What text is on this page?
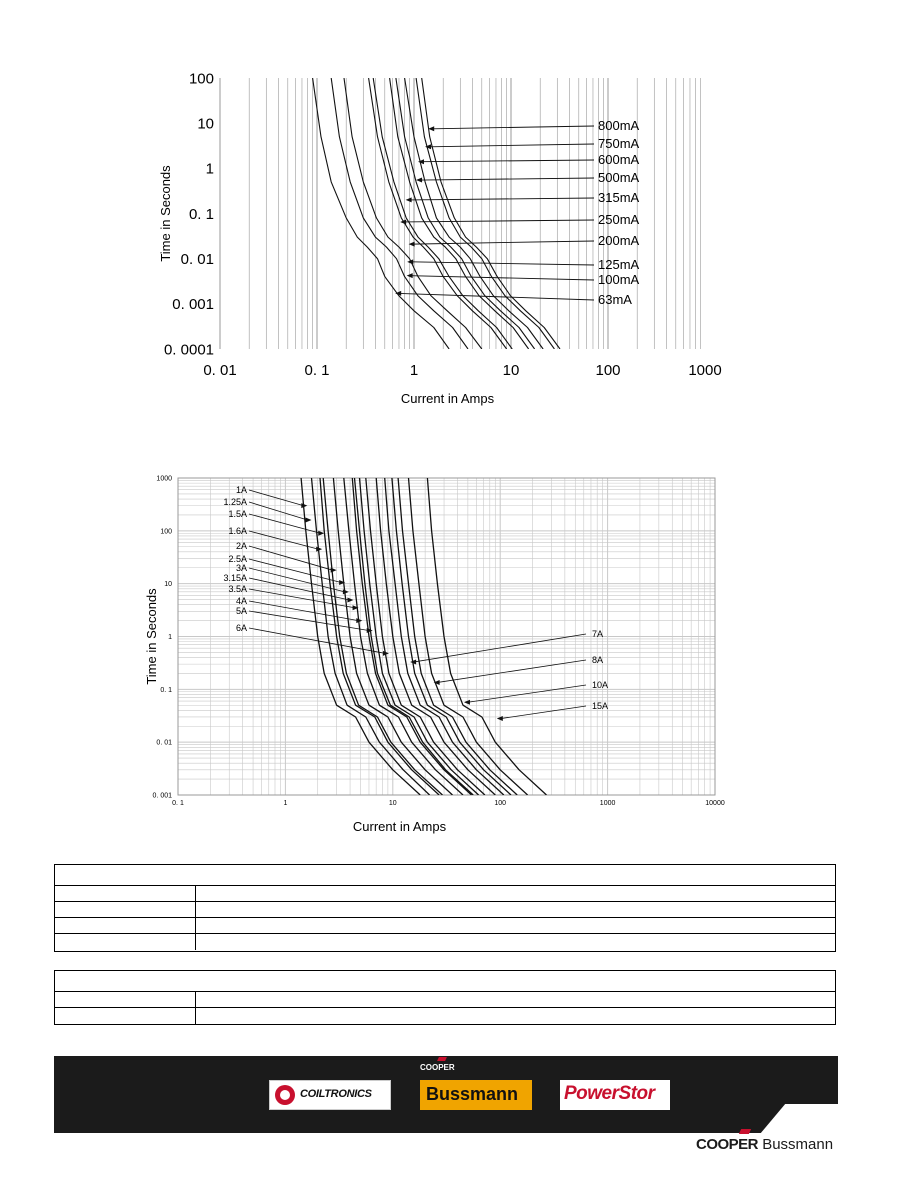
0. 01	0. 1	1	10	100	1000
100
10
1
0. 1
0. 01
0. 001
0. 0001
Current in Amps
Time in Seconds
800mA
750mA
600mA
500mA
315mA
250mA
200mA
125mA
100mA
63mA
0. 1	1	10	100	1000	10000
1000
100
10
1
0. 1
0. 01
0. 001
Current in Amps
Time in Seconds
1A
1.25A
1.5A
1.6A
2A
2.5A
3A
3.15A
3.5A
4A
5A
6A
7A
8A
10A
15A
COILTRONICS
COOPER
Bussmann PowerStor
COOPER Bussmann
